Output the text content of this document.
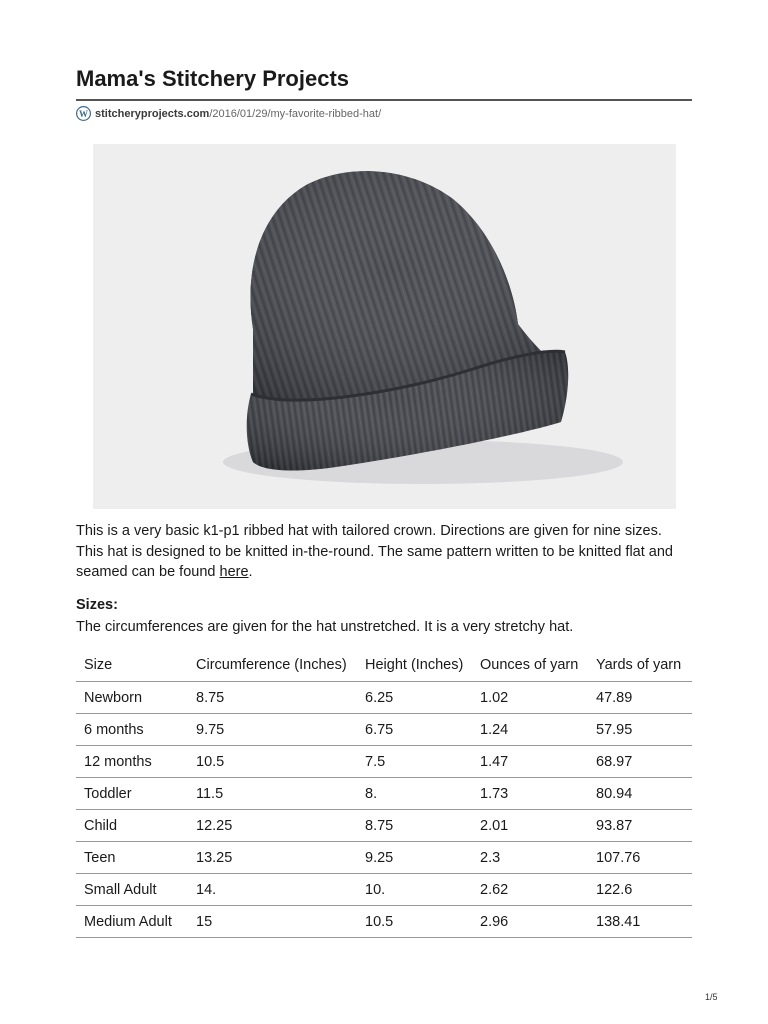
Mama's Stitchery Projects
W stitcheryprojects.com /2016/01/29/my-favorite-ribbed-hat/

This is a very basic k1-p1 ribbed hat with tailored crown. Directions are given for nine sizes. This hat is designed to be knitted in-the-round. The same pattern written to be knitted flat and seamed can be found here.

Sizes:

The circumferences are given for the hat unstretched. It is a very stretchy hat.

Size	Circumference (Inches)	Height (Inches)	Ounces of yarn	Yards of yarn
Newborn	8.75	6.25	1.02	47.89
6 months	9.75	6.75	1.24	57.95
12 months	10.5	7.5	1.47	68.97
Toddler	11.5	8.	1.73	80.94
Child	12.25	8.75	2.01	93.87
Teen	13.25	9.25	2.3	107.76
Small Adult	14.	10.	2.62	122.6
Medium Adult	15	10.5	2.96	138.41
1/5
